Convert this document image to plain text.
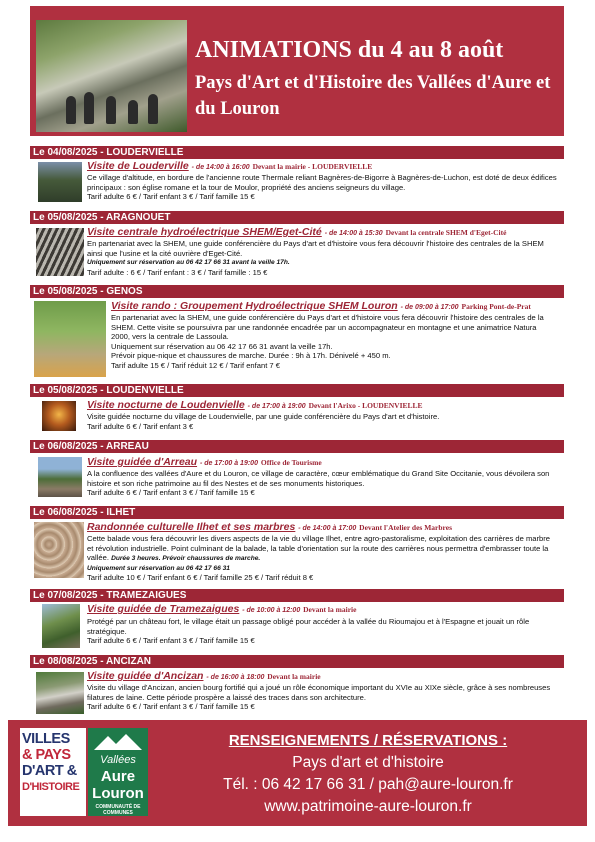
ANIMATIONS du 4 au 8 août
Pays d'Art et d'Histoire des Vallées d'Aure et du Louron
Le 04/08/2025 - LOUDERVIELLE
Visite de Louderville - de 14:00 à 16:00 Devant la mairie - LOUDERVIELLE

Ce village d'altitude, en bordure de l'ancienne route Thermale reliant Bagnères-de-Bigorre à Bagnères-de-Luchon, est doté de deux édifices principaux : son église romane et la tour de Moulor, propriété des anciens seigneurs du village.

Tarif adulte 6 € / Tarif enfant 3 € / Tarif famille 15 €

Le 05/08/2025 - ARAGNOUET
Visite centrale hydroélectrique SHEM/Eget-Cité - de 14:00 à 15:30 Devant la centrale SHEM d'Eget-Cité

En partenariat avec la SHEM, une guide conférencière du Pays d'art et d'histoire vous fera découvrir l'histoire des centrales de la SHEM ainsi que l'usine et la cité ouvrière d'Eget-Cité.

Uniquement sur réservation au 06 42 17 66 31 avant la veille 17h.

Tarif adulte : 6 € / Tarif enfant : 3 € / Tarif famille : 15 €

Le 05/08/2025 - GENOS
Visite rando : Groupement Hydroélectrique SHEM Louron - de 09:00 à 17:00 Parking Pont-de-Prat

En partenariat avec la SHEM, une guide conférencière du Pays d'art et d'histoire vous fera découvrir l'histoire des centrales de la SHEM. Cette visite se poursuivra par une randonnée encadrée par un accompagnateur en montagne et une animatrice Natura 2000, vers la centrale de Lassoula.

Uniquement sur réservation au 06 42 17 66 31 avant la veille 17h.

Prévoir pique-nique et chaussures de marche. Durée : 9h à 17h. Dénivelé + 450 m.

Tarif adulte 15 € / Tarif réduit 12 € / Tarif enfant 7 €

Le 05/08/2025 - LOUDENVIELLE
Visite nocturne de Loudenvielle - de 17:00 à 19:00 Devant l'Arixo - LOUDENVIELLE

Visite guidée nocturne du village de Loudenvielle, par une guide conférencière du Pays d'art et d'histoire.

Tarif adulte 6 € / Tarif enfant 3 €

Le 06/08/2025 - ARREAU
Visite guidée d'Arreau - de 17:00 à 19:00 Office de Tourisme

A la confluence des vallées d'Aure et du Louron, ce village de caractère, cœur emblématique du Grand Site Occitanie, vous dévoilera son histoire et son riche patrimoine au fil des Nestes et de ses monuments historiques.

Tarif adulte 6 € / Tarif enfant 3 € / Tarif famille 15 €

Le 06/08/2025 - ILHET
Randonnée culturelle Ilhet et ses marbres - de 14:00 à 17:00 Devant l'Atelier des Marbres

Cette balade vous fera découvrir les divers aspects de la vie du village Ilhet, entre agro-pastoralisme, exploitation des carrières de marbre et révolution industrielle. Point culminant de la balade, la table d'orientation sur la route des carrières nous permettra d'embrasser toute la vallée. Durée 3 heures. Prévoir chaussures de marche.

Uniquement sur réservation au 06 42 17 66 31

Tarif adulte 10 € / Tarif enfant 6 € / Tarif famille 25 € / Tarif réduit 8 €

Le 07/08/2025 - TRAMEZAIGUES
Visite guidée de Tramezaigues - de 10:00 à 12:00 Devant la mairie

Protégé par un château fort, le village était un passage obligé pour accéder à la vallée du Rioumajou et à l'Espagne et jouait un rôle stratégique.

Tarif adulte 6 € / Tarif enfant 3 € / Tarif famille 15 €

Le 08/08/2025 - ANCIZAN
Visite guidée d'Ancizan - de 16:00 à 18:00 Devant la mairie

Visite du village d'Ancizan, ancien bourg fortifié qui a joué un rôle économique important du XVIe au XIXe siècle, grâce à ses nombreuses filatures de laine. Cette période prospère a laissé des traces dans son architecture.

Tarif adulte 6 € / Tarif enfant 3 € / Tarif famille 15 €

VILLES
& PAYS
D'ART &
D'HISTOIRE
Vallées
Aure
Louron
COMMUNAUTÉ DE COMMUNES
RENSEIGNEMENTS / RÉSERVATIONS :
Pays d'art et d'histoire
Tél. : 06 42 17 66 31 / pah@aure-louron.fr
www.patrimoine-aure-louron.fr
